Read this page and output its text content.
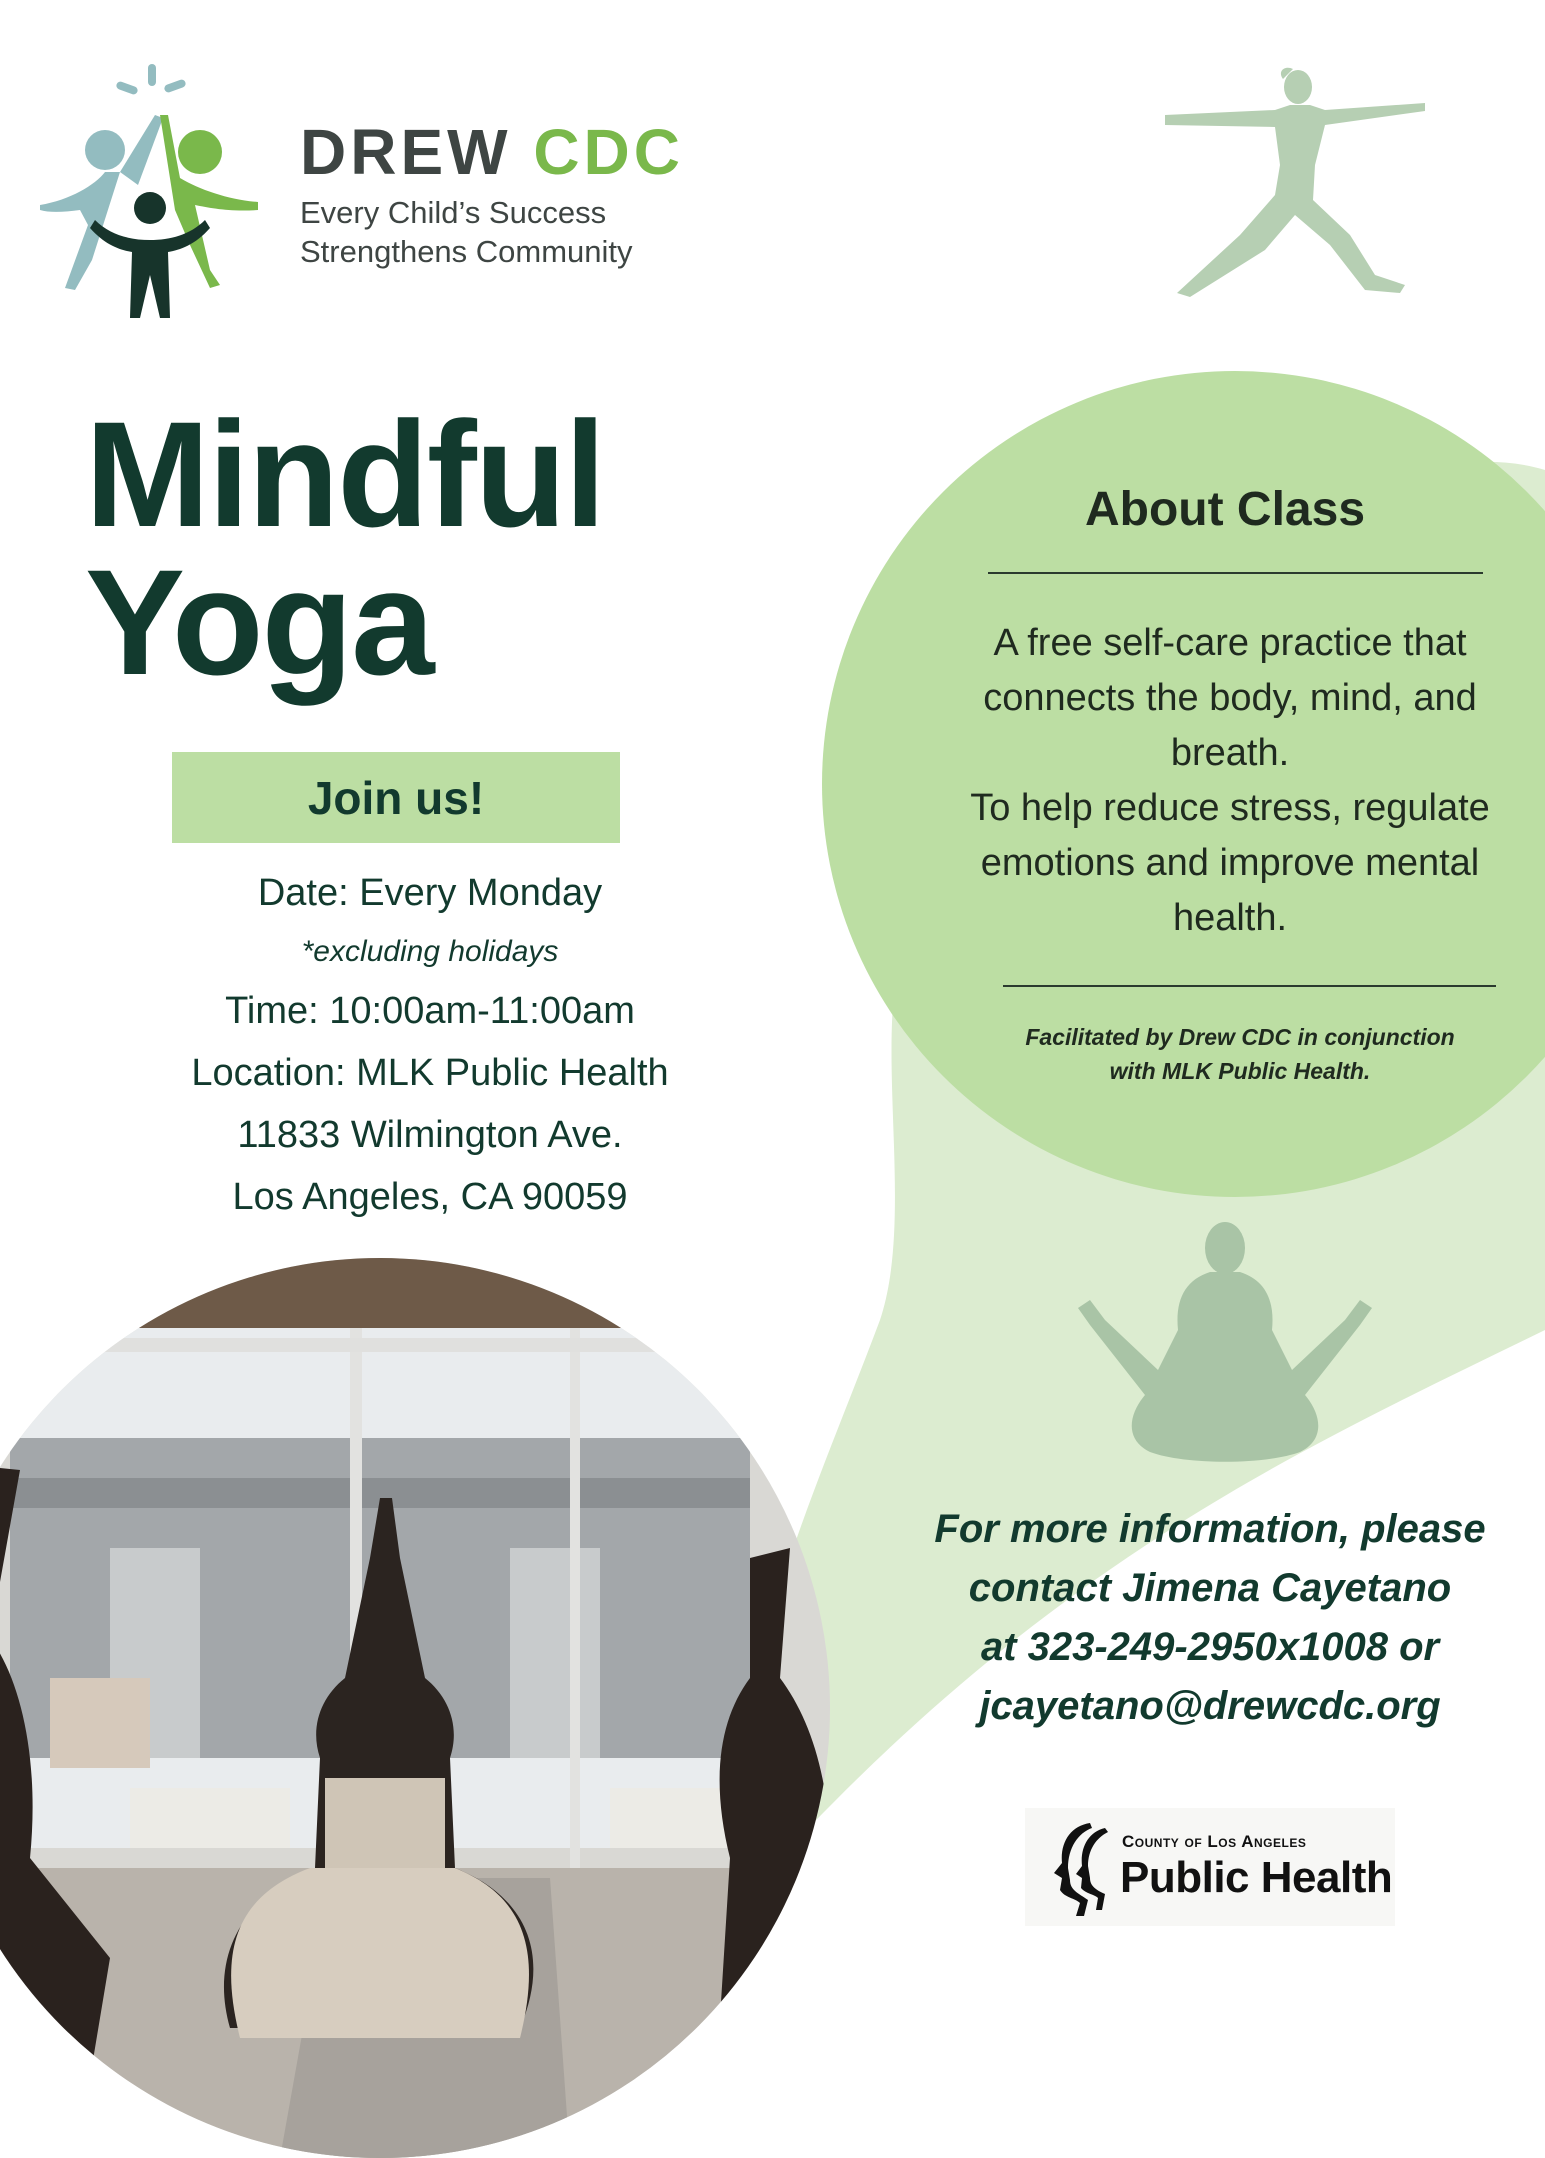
DREW CDC
Every Child’s Success
Strengthens Community
Mindful
Yoga
Join us!
Date: Every Monday
*excluding holidays
Time: 10:00am-11:00am
Location: MLK Public Health
11833 Wilmington Ave.
Los Angeles, CA 90059
About Class
A free self-care practice that
connects the body, mind, and
breath.
To help reduce stress, regulate
emotions and improve mental
health.
Facilitated by Drew CDC in conjunction
with MLK Public Health.
For more information, please
contact Jimena Cayetano
at 323-249-2950x1008 or
jcayetano@drewcdc.org
County of Los Angeles
Public Health
